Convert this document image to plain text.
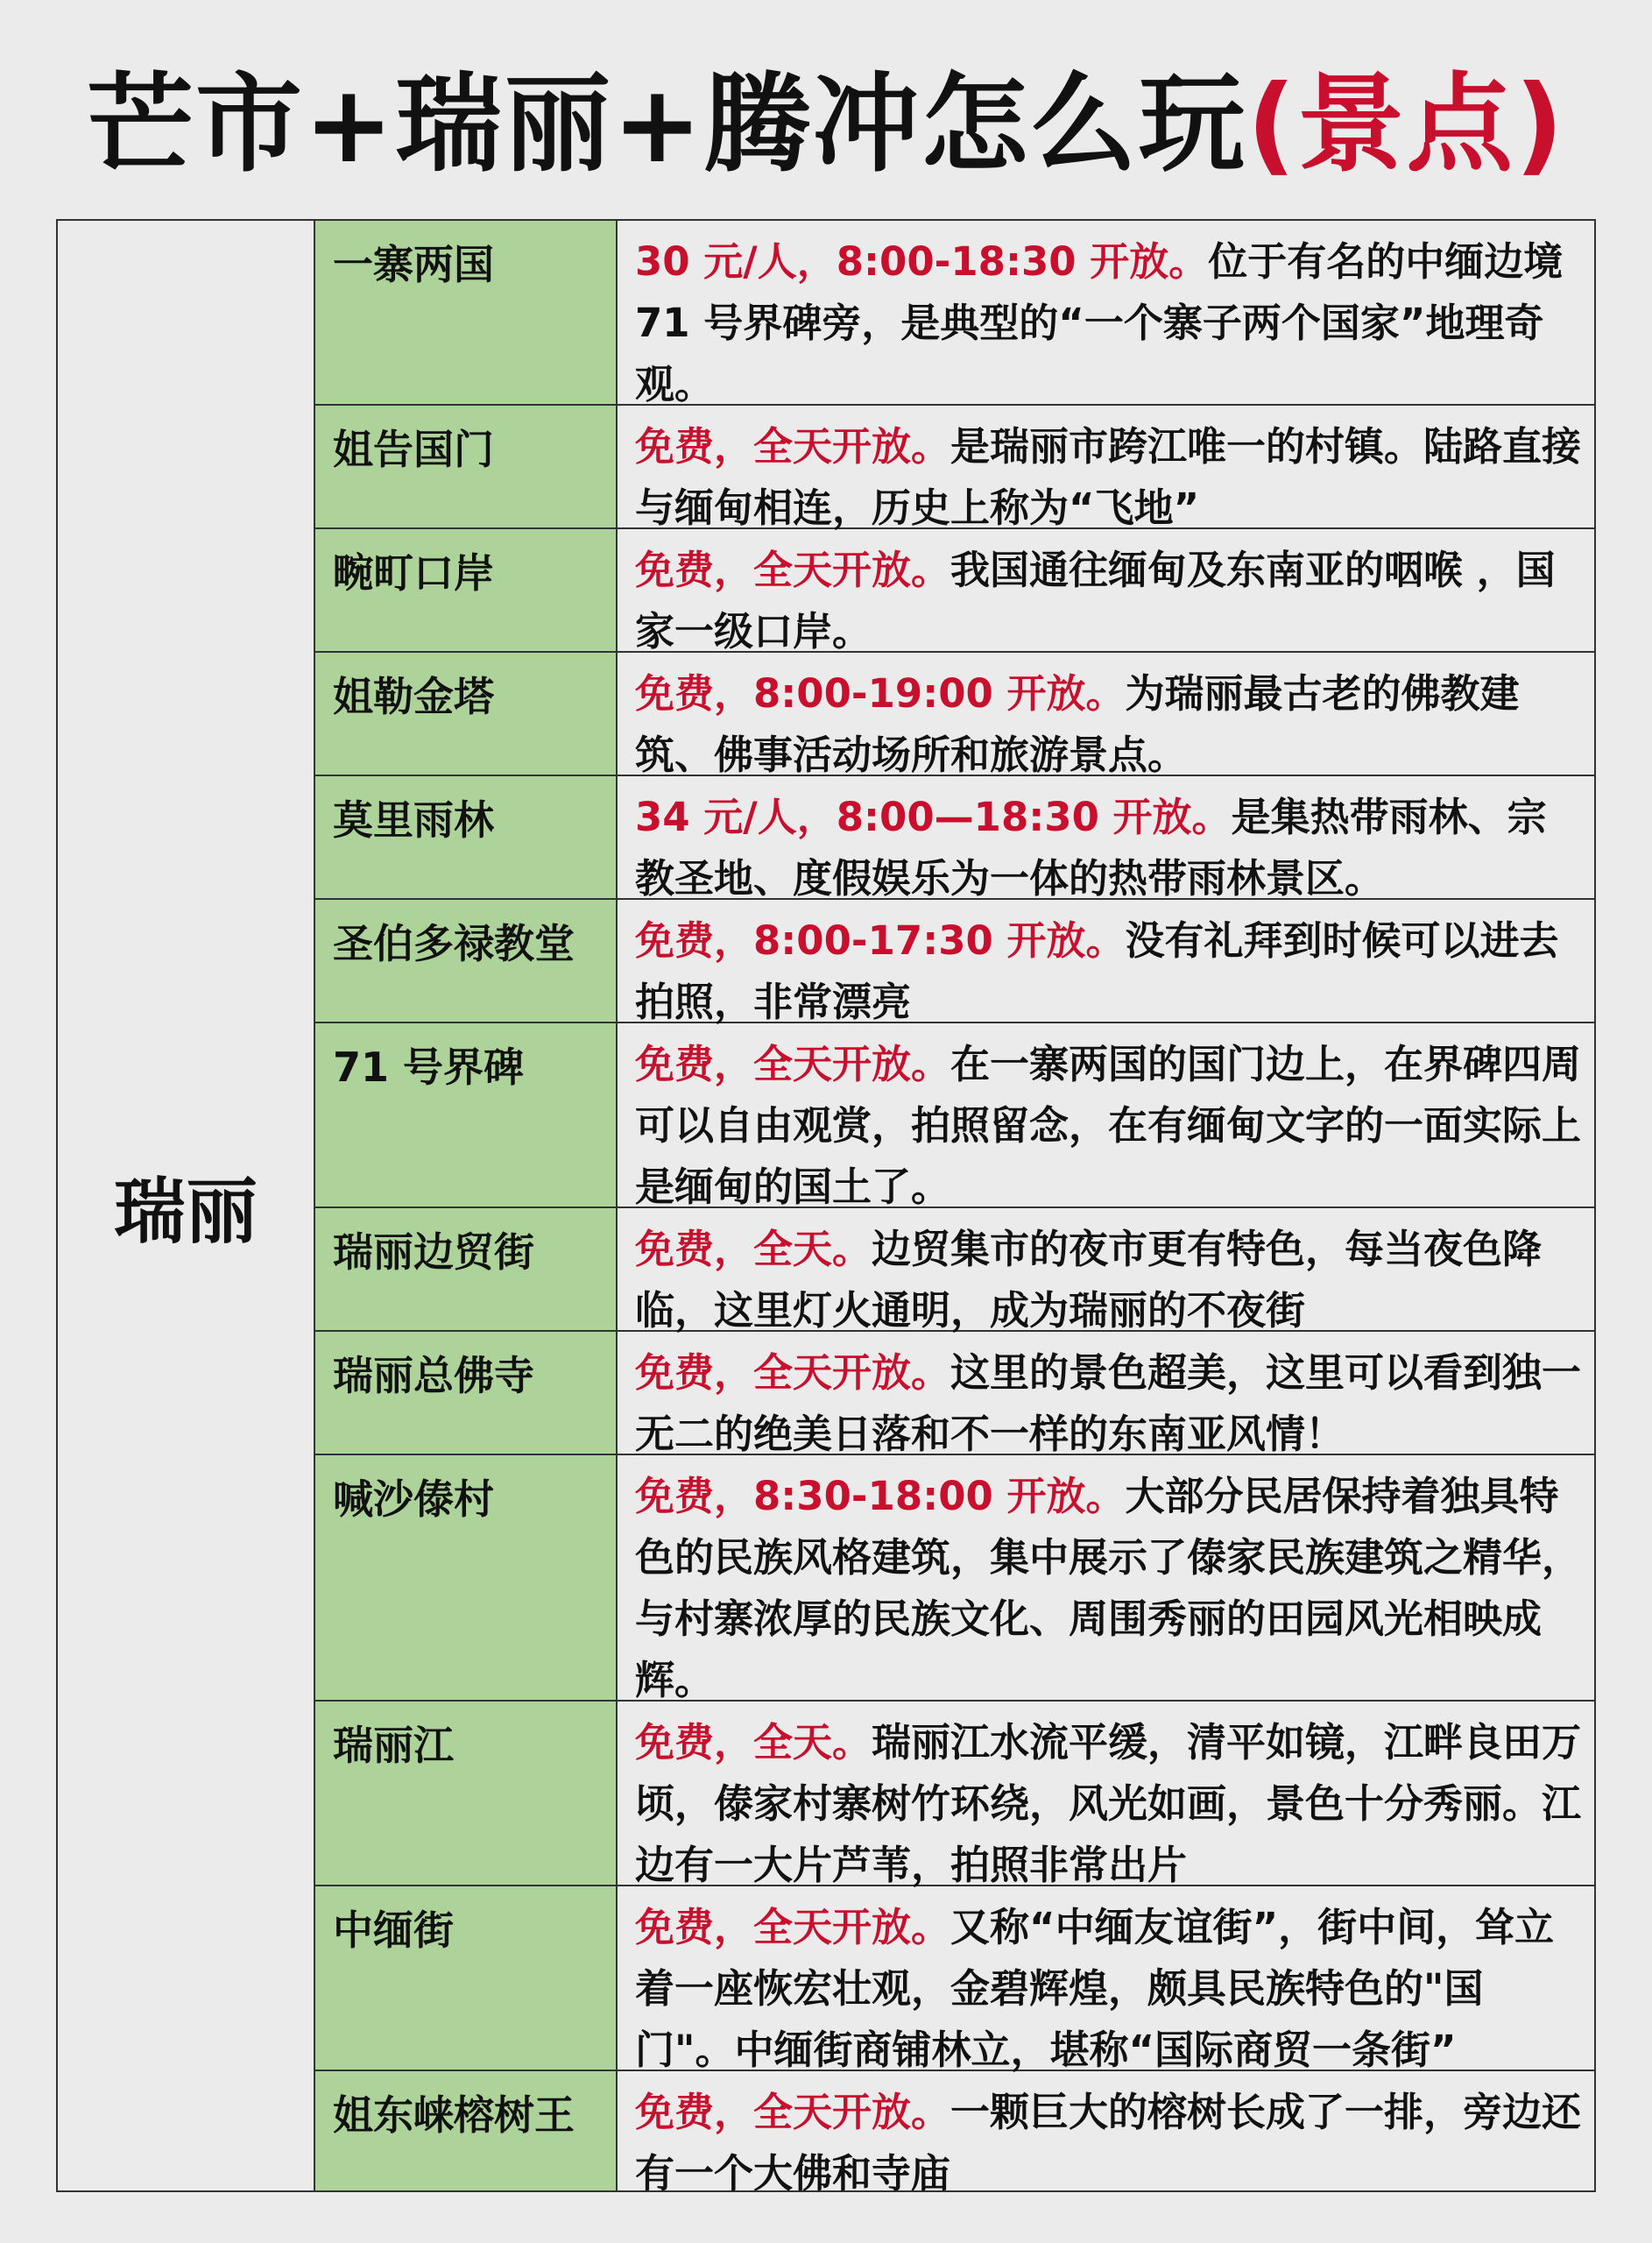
芒市+瑞丽+腾冲怎么玩(景点)
瑞丽
一寨两国	30 元/人，8:00-18:30 开放。位于有名的中缅边境 71 号界碑旁，是典型的“一个寨子两个国家”地理奇观。
姐告国门	免费，全天开放。是瑞丽市跨江唯一的村镇。陆路直接与缅甸相连，历史上称为“飞地”
畹町口岸	免费，全天开放。我国通往缅甸及东南亚的咽喉 ，国家一级口岸。
姐勒金塔	免费，8:00-19:00 开放。为瑞丽最古老的佛教建筑、佛事活动场所和旅游景点。
莫里雨林	34 元/人，8:00—18:30 开放。是集热带雨林、宗教圣地、度假娱乐为一体的热带雨林景区。
圣伯多禄教堂	免费，8:00-17:30 开放。没有礼拜到时候可以进去拍照，非常漂亮
71 号界碑	免费，全天开放。在一寨两国的国门边上，在界碑四周可以自由观赏，拍照留念，在有缅甸文字的一面实际上是缅甸的国土了。
瑞丽边贸街	免费，全天。边贸集市的夜市更有特色，每当夜色降临，这里灯火通明，成为瑞丽的不夜街
瑞丽总佛寺	免费，全天开放。这里的景色超美，这里可以看到独一无二的绝美日落和不一样的东南亚风情！
喊沙傣村	免费，8:30-18:00 开放。大部分民居保持着独具特色的民族风格建筑，集中展示了傣家民族建筑之精华，与村寨浓厚的民族文化、周围秀丽的田园风光相映成辉。
瑞丽江	免费，全天。瑞丽江水流平缓，清平如镜，江畔良田万顷，傣家村寨树竹环绕，风光如画，景色十分秀丽。江边有一大片芦苇，拍照非常出片
中缅街	免费，全天开放。又称“中缅友谊街”，街中间，耸立着一座恢宏壮观，金碧辉煌，颇具民族特色的"国门"。中缅街商铺林立，堪称“国际商贸一条街”
姐东崃榕树王	免费，全天开放。一颗巨大的榕树长成了一排，旁边还有一个大佛和寺庙
